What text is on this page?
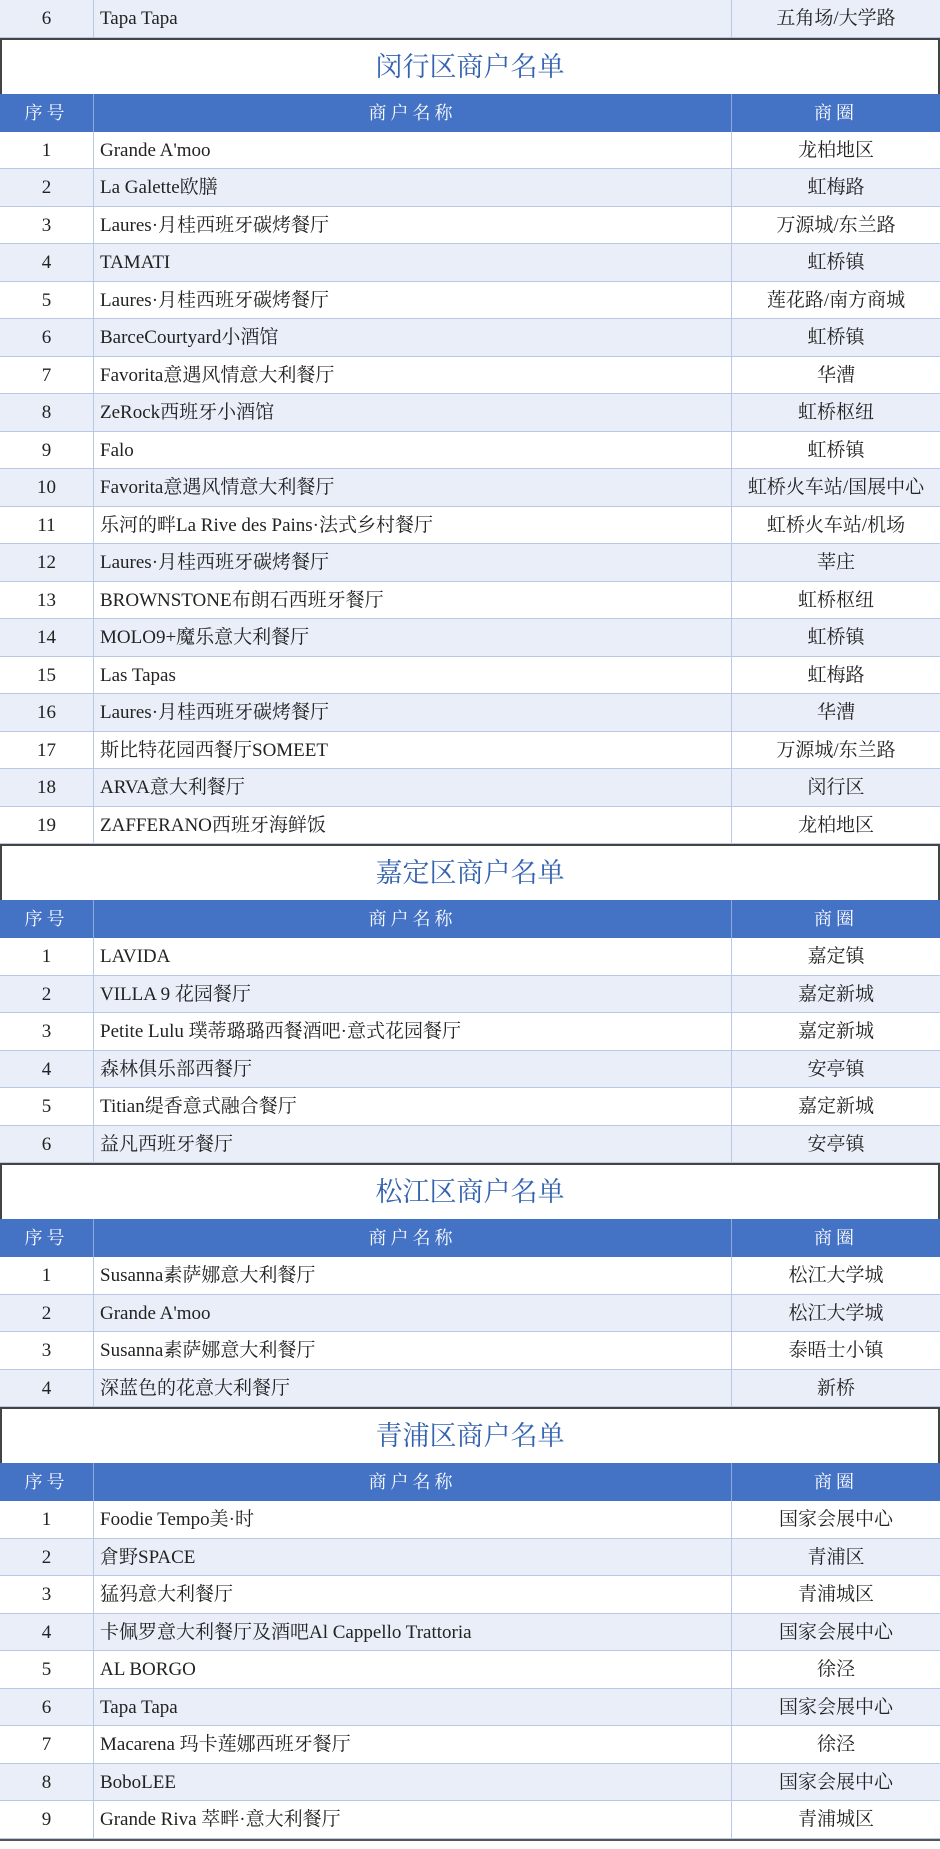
6	Tapa Tapa	五角场/大学路
闵行区商户名单
序号	商户名称	商圈
1	Grande A'moo	龙柏地区
2	La Galette欧膳	虹梅路
3	Laures·月桂西班牙碳烤餐厅	万源城/东兰路
4	TAMATI	虹桥镇
5	Laures·月桂西班牙碳烤餐厅	莲花路/南方商城
6	BarceCourtyard小酒馆	虹桥镇
7	Favorita意遇风情意大利餐厅	华漕
8	ZeRock西班牙小酒馆	虹桥枢纽
9	Falo	虹桥镇
10	Favorita意遇风情意大利餐厅	虹桥火车站/国展中心
11	乐河的畔La Rive des Pains·法式乡村餐厅	虹桥火车站/机场
12	Laures·月桂西班牙碳烤餐厅	莘庄
13	BROWNSTONE布朗石西班牙餐厅	虹桥枢纽
14	MOLO9+魔乐意大利餐厅	虹桥镇
15	Las Tapas	虹梅路
16	Laures·月桂西班牙碳烤餐厅	华漕
17	斯比特花园西餐厅SOMEET	万源城/东兰路
18	ARVA意大利餐厅	闵行区
19	ZAFFERANO西班牙海鲜饭	龙柏地区
嘉定区商户名单
序号	商户名称	商圈
1	LAVIDA	嘉定镇
2	VILLA 9 花园餐厅	嘉定新城
3	Petite Lulu 璞蒂璐璐西餐酒吧·意式花园餐厅	嘉定新城
4	森林俱乐部西餐厅	安亭镇
5	Titian缇香意式融合餐厅	嘉定新城
6	益凡西班牙餐厅	安亭镇
松江区商户名单
序号	商户名称	商圈
1	Susanna素萨娜意大利餐厅	松江大学城
2	Grande A'moo	松江大学城
3	Susanna素萨娜意大利餐厅	泰晤士小镇
4	深蓝色的花意大利餐厅	新桥
青浦区商户名单
序号	商户名称	商圈
1	Foodie Tempo美·时	国家会展中心
2	倉野SPACE	青浦区
3	猛犸意大利餐厅	青浦城区
4	卡佩罗意大利餐厅及酒吧Al Cappello Trattoria	国家会展中心
5	AL BORGO	徐泾
6	Tapa Tapa	国家会展中心
7	Macarena 玛卡莲娜西班牙餐厅	徐泾
8	BoboLEE	国家会展中心
9	Grande Riva 萃畔·意大利餐厅	青浦城区
